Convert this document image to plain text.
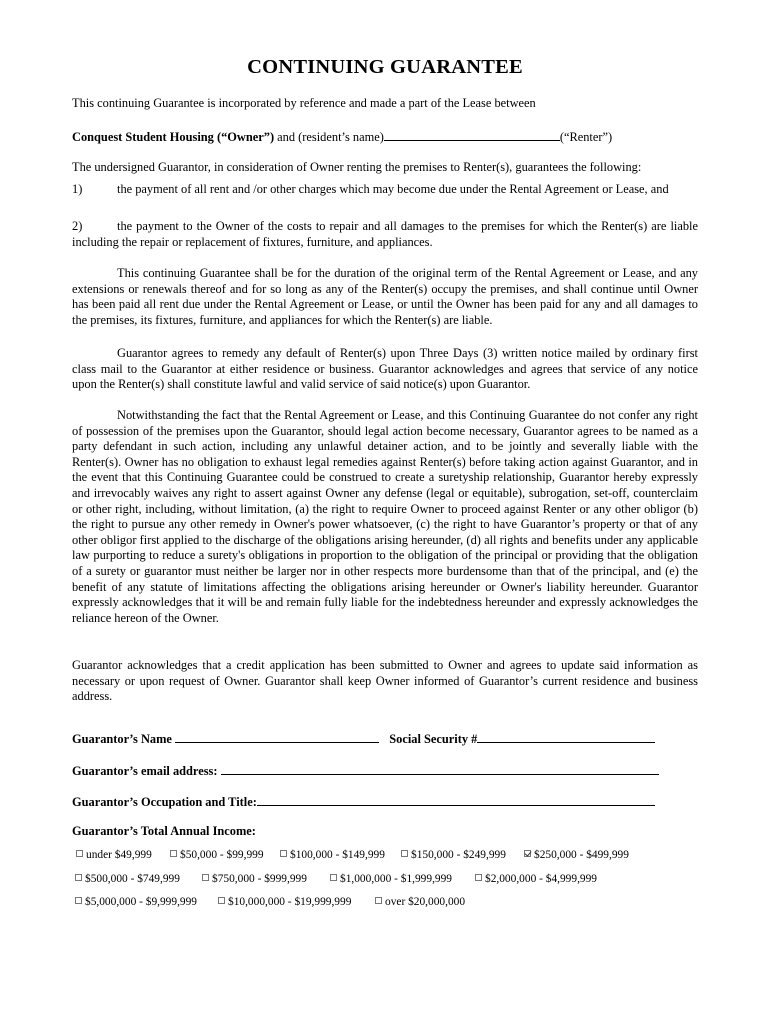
CONTINUING GUARANTEE
This continuing Guarantee is incorporated by reference and made a part of the Lease between
Conquest Student Housing (“Owner”) and (resident’s name)	(“Renter”)
The undersigned Guarantor, in consideration of Owner renting the premises to Renter(s), guarantees the following:
1)	the payment of all rent and /or other charges which may become due under the Rental Agreement or Lease, and
2)	the payment to the Owner of the costs to repair and all damages to the premises for which the Renter(s) are liable including the repair or replacement of fixtures, furniture, and appliances.
This continuing Guarantee shall be for the duration of the original term of the Rental Agreement or Lease, and any extensions or renewals thereof and for so long as any of the Renter(s) occupy the premises, and shall continue until Owner has been paid all rent due under the Rental Agreement or Lease, or until the Owner has been paid for any and all damages to the premises, its fixtures, furniture, and appliances for which the Renter(s) are liable.
Guarantor agrees to remedy any default of Renter(s) upon Three Days (3) written notice mailed by ordinary first class mail to the Guarantor at either residence or business. Guarantor acknowledges and agrees that service of any notice upon the Renter(s) shall constitute lawful and valid service of said notice(s) upon Guarantor.
Notwithstanding the fact that the Rental Agreement or Lease, and this Continuing Guarantee do not confer any right of possession of the premises upon the Guarantor, should legal action become necessary, Guarantor agrees to be named as a party defendant in such action, including any unlawful detainer action, and to be jointly and severally liable with the Renter(s). Owner has no obligation to exhaust legal remedies against Renter(s) before taking action against Guarantor, and in the event that this Continuing Guarantee could be construed to create a suretyship relationship, Guarantor hereby expressly and irrevocably waives any right to assert against Owner any defense (legal or equitable), subrogation, set-off, counterclaim or other right, including, without limitation, (a) the right to require Owner to proceed against Renter or any other obligor (b) the right to pursue any other remedy in Owner's power whatsoever, (c) the right to have Guarantor’s property or that of any other obligor first applied to the discharge of the obligations arising hereunder, (d) all rights and benefits under any applicable law purporting to reduce a surety's obligations in proportion to the obligation of the principal or providing that the obligation of a surety or guarantor must neither be larger nor in other respects more burdensome than that of the principal, and (e) the benefit of any statute of limitations affecting the obligations arising hereunder or Owner's liability hereunder. Guarantor expressly acknowledges that it will be and remain fully liable for the indebtedness hereunder and expressly acknowledges the reliance hereon of the Owner.
Guarantor acknowledges that a credit application has been submitted to Owner and agrees to update said information as necessary or upon request of Owner. Guarantor shall keep Owner informed of Guarantor’s current residence and business address.
Guarantor’s Name	Social Security #
Guarantor’s email address:
Guarantor’s Occupation and Title:
Guarantor’s Total Annual Income:
under $49,999	$50,000 - $99,999	$100,000 - $149,999	$150,000 - $249,999	$250,000 - $499,999
$500,000 - $749,999	$750,000 - $999,999	$1,000,000 - $1,999,999	$2,000,000 - $4,999,999
$5,000,000 - $9,999,999	$10,000,000 - $19,999,999	over $20,000,000
